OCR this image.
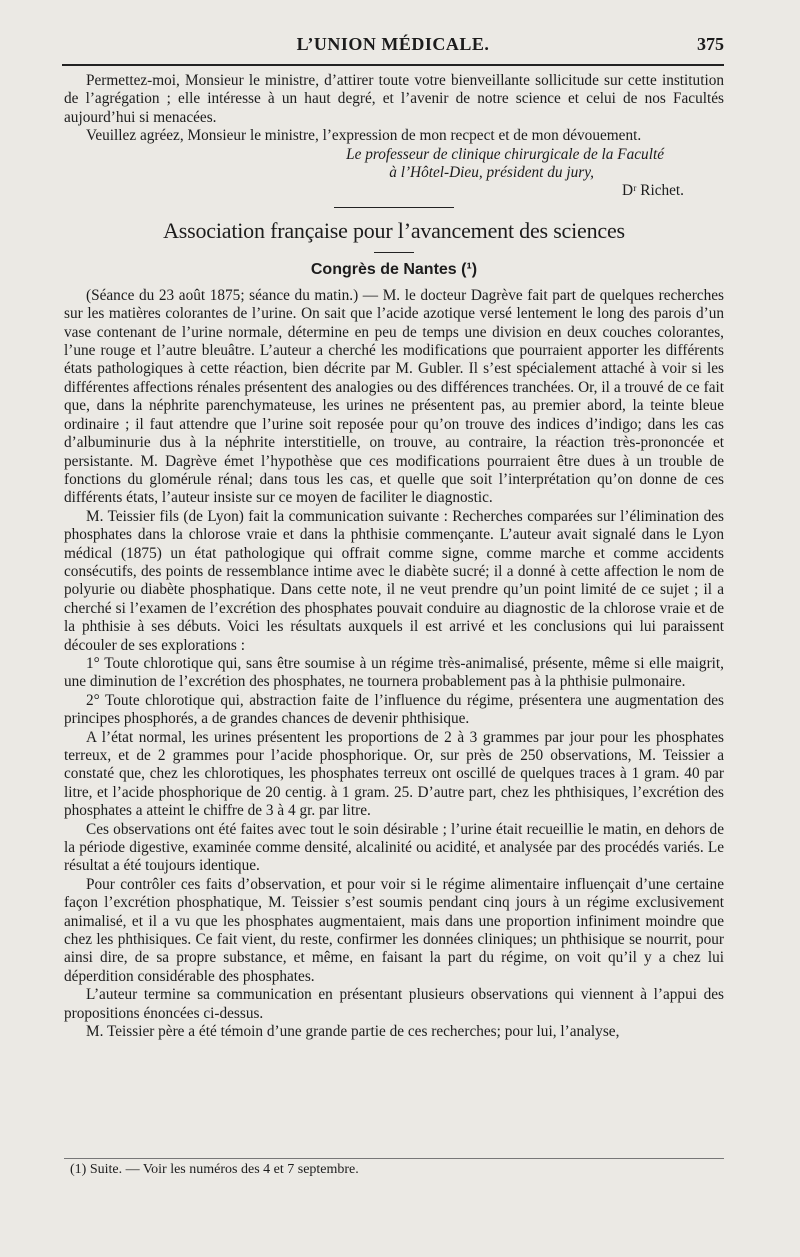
L’UNION MÉDICALE.	375

Permettez-moi, Monsieur le ministre, d’attirer toute votre bienveillante sollicitude sur cette institution de l’agrégation ; elle intéresse à un haut degré, et l’avenir de notre science et celui de nos Facultés aujourd’hui si menacées.

Veuillez agréez, Monsieur le ministre, l’expression de mon recpect et de mon dévouement.

Le professeur de clinique chirurgicale de la Faculté

à l’Hôtel-Dieu, président du jury,

Dʳ Richet.

Association française pour l’avancement des sciences
Congrès de Nantes (¹)

(Séance du 23 août 1875; séance du matin.) — M. le docteur Dagrève fait part de quelques recherches sur les matières colorantes de l’urine. On sait que l’acide azotique versé lentement le long des parois d’un vase contenant de l’urine normale, détermine en peu de temps une division en deux couches colorantes, l’une rouge et l’autre bleuâtre. L’auteur a cherché les modifications que pourraient apporter les différents états pathologiques à cette réaction, bien décrite par M. Gubler. Il s’est spécialement attaché à voir si les différentes affections rénales présentent des analogies ou des différences tranchées. Or, il a trouvé de ce fait que, dans la néphrite parenchymateuse, les urines ne présentent pas, au premier abord, la teinte bleue ordinaire ; il faut attendre que l’urine soit reposée pour qu’on trouve des indices d’indigo; dans les cas d’albuminurie dus à la néphrite interstitielle, on trouve, au contraire, la réaction très-prononcée et persistante. M. Dagrève émet l’hypothèse que ces modifications pourraient être dues à un trouble de fonctions du glomérule rénal; dans tous les cas, et quelle que soit l’interprétation qu’on donne de ces différents états, l’auteur insiste sur ce moyen de faciliter le diagnostic.

M. Teissier fils (de Lyon) fait la communication suivante : Recherches comparées sur l’élimination des phosphates dans la chlorose vraie et dans la phthisie commençante. L’auteur avait signalé dans le Lyon médical (1875) un état pathologique qui offrait comme signe, comme marche et comme accidents consécutifs, des points de ressemblance intime avec le diabète sucré; il a donné à cette affection le nom de polyurie ou diabète phosphatique. Dans cette note, il ne veut prendre qu’un point limité de ce sujet ; il a cherché si l’examen de l’excrétion des phosphates pouvait conduire au diagnostic de la chlorose vraie et de la phthisie à ses débuts. Voici les résultats auxquels il est arrivé et les conclusions qui lui paraissent découler de ses explorations :

1° Toute chlorotique qui, sans être soumise à un régime très-animalisé, présente, même si elle maigrit, une diminution de l’excrétion des phosphates, ne tournera probablement pas à la phthisie pulmonaire.

2° Toute chlorotique qui, abstraction faite de l’influence du régime, présentera une augmentation des principes phosphorés, a de grandes chances de devenir phthisique.

A l’état normal, les urines présentent les proportions de 2 à 3 grammes par jour pour les phosphates terreux, et de 2 grammes pour l’acide phosphorique. Or, sur près de 250 observations, M. Teissier a constaté que, chez les chlorotiques, les phosphates terreux ont oscillé de quelques traces à 1 gram. 40 par litre, et l’acide phosphorique de 20 centig. à 1 gram. 25. D’autre part, chez les phthisiques, l’excrétion des phosphates a atteint le chiffre de 3 à 4 gr. par litre.

Ces observations ont été faites avec tout le soin désirable ; l’urine était recueillie le matin, en dehors de la période digestive, examinée comme densité, alcalinité ou acidité, et analysée par des procédés variés. Le résultat a été toujours identique.

Pour contrôler ces faits d’observation, et pour voir si le régime alimentaire influençait d’une certaine façon l’excrétion phosphatique, M. Teissier s’est soumis pendant cinq jours à un régime exclusivement animalisé, et il a vu que les phosphates augmentaient, mais dans une proportion infiniment moindre que chez les phthisiques. Ce fait vient, du reste, confirmer les données cliniques; un phthisique se nourrit, pour ainsi dire, de sa propre substance, et même, en faisant la part du régime, on voit qu’il y a chez lui déperdition considérable des phosphates.

L’auteur termine sa communication en présentant plusieurs observations qui viennent à l’appui des propositions énoncées ci-dessus.

M. Teissier père a été témoin d’une grande partie de ces recherches; pour lui, l’analyse,

(1) Suite. — Voir les numéros des 4 et 7 septembre.
